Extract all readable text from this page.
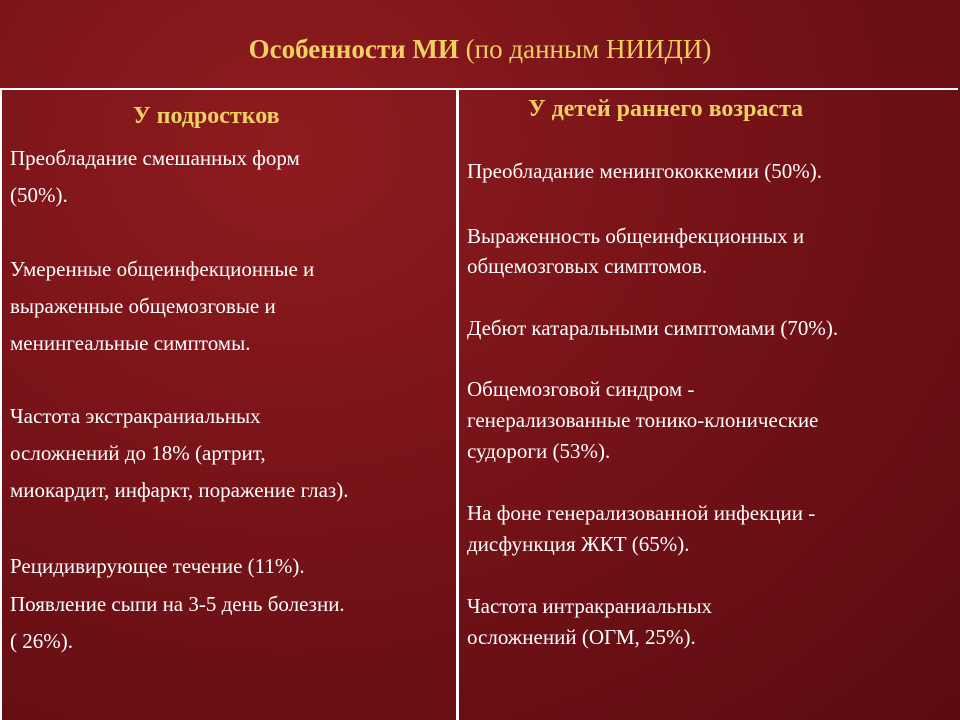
Особенности МИ (по данным НИИДИ)
У подростков
Преобладание смешанных форм
(50%).
Умеренные общеинфекционные и
выраженные общемозговые и
менингеальные симптомы.
Частота экстракраниальных
осложнений до 18% (артрит,
миокардит, инфаркт, поражение глаз).
Рецидивирующее течение (11%).
Появление сыпи на 3-5 день болезни.
( 26%).
У детей раннего возраста
Преобладание менингококкемии (50%).
Выраженность общеинфекционных и
общемозговых симптомов.
Дебют катаральными симптомами (70%).
Общемозговой синдром -
генерализованные тонико-клонические
судороги (53%).
На фоне генерализованной инфекции -
дисфункция ЖКТ (65%).
Частота интракраниальных
осложнений (ОГМ, 25%).
